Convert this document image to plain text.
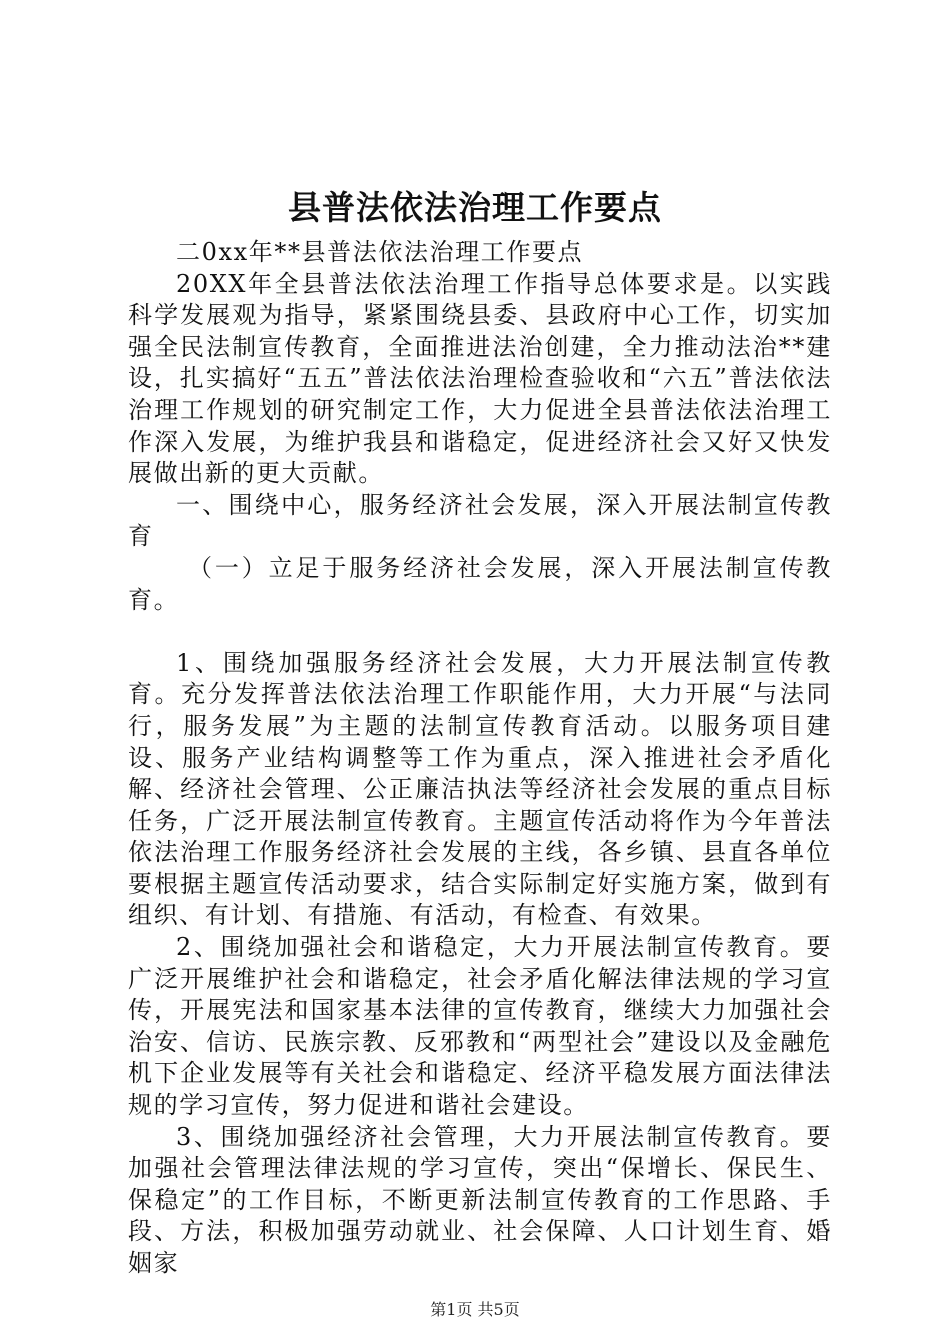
县普法依法治理工作要点

二0xx年**县普法依法治理工作要点

20XX年全县普法依法治理工作指导总体要求是。以实践科学发展观为指导，紧紧围绕县委、县政府中心工作，切实加强全民法制宣传教育，全面推进法治创建，全力推动法治**建设，扎实搞好“五五”普法依法治理检查验收和“六五”普法依法治理工作规划的研究制定工作，大力促进全县普法依法治理工作深入发展，为维护我县和谐稳定，促进经济社会又好又快发展做出新的更大贡献。

一、围绕中心，服务经济社会发展，深入开展法制宣传教育

（一）立足于服务经济社会发展，深入开展法制宣传教育。

1、围绕加强服务经济社会发展，大力开展法制宣传教育。充分发挥普法依法治理工作职能作用，大力开展“与法同行，服务发展”为主题的法制宣传教育活动。以服务项目建设、服务产业结构调整等工作为重点，深入推进社会矛盾化解、经济社会管理、公正廉洁执法等经济社会发展的重点目标任务，广泛开展法制宣传教育。主题宣传活动将作为今年普法依法治理工作服务经济社会发展的主线，各乡镇、县直各单位要根据主题宣传活动要求，结合实际制定好实施方案，做到有组织、有计划、有措施、有活动，有检查、有效果。

2、围绕加强社会和谐稳定，大力开展法制宣传教育。要广泛开展维护社会和谐稳定，社会矛盾化解法律法规的学习宣传，开展宪法和国家基本法律的宣传教育，继续大力加强社会治安、信访、民族宗教、反邪教和“两型社会”建设以及金融危机下企业发展等有关社会和谐稳定、经济平稳发展方面法律法规的学习宣传，努力促进和谐社会建设。

3、围绕加强经济社会管理，大力开展法制宣传教育。要加强社会管理法律法规的学习宣传，突出“保增长、保民生、保稳定”的工作目标，不断更新法制宣传教育的工作思路、手段、方法，积极加强劳动就业、社会保障、人口计划生育、婚姻家

第1页 共5页
